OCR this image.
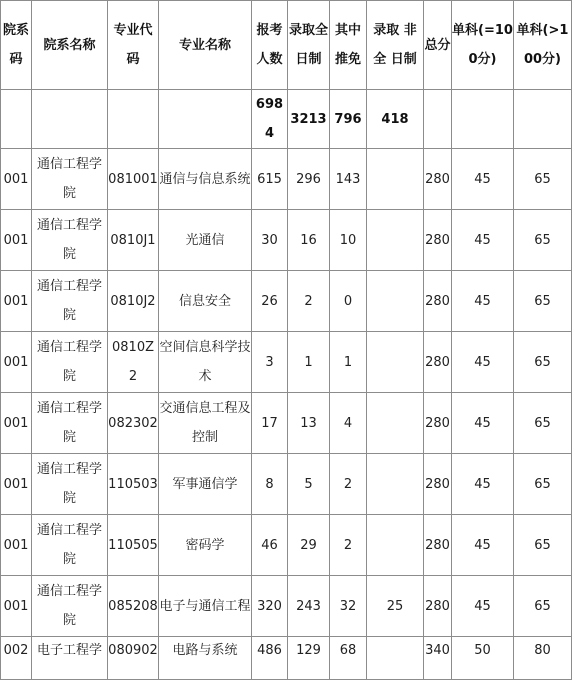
院系码	院系名称	专业代码	专业名称	报考人数	录取全日制	其中推免	录取 非全 日制	总分	单科(=100分)	单科(>100分)
				6984	3213	796	418			
001	通信工程学院	081001	通信与信息系统	615	296	143		280	45	65
001	通信工程学院	0810J1	光通信	30	16	10		280	45	65
001	通信工程学院	0810J2	信息安全	26	2	0		280	45	65
001	通信工程学院	0810Z2	空间信息科学技术	3	1	1		280	45	65
001	通信工程学院	082302	交通信息工程及控制	17	13	4		280	45	65
001	通信工程学院	110503	军事通信学	8	5	2		280	45	65
001	通信工程学院	110505	密码学	46	29	2		280	45	65
001	通信工程学院	085208	电子与通信工程	320	243	32	25	280	45	65
002	电子工程学	080902	电路与系统	486	129	68		340	50	80
